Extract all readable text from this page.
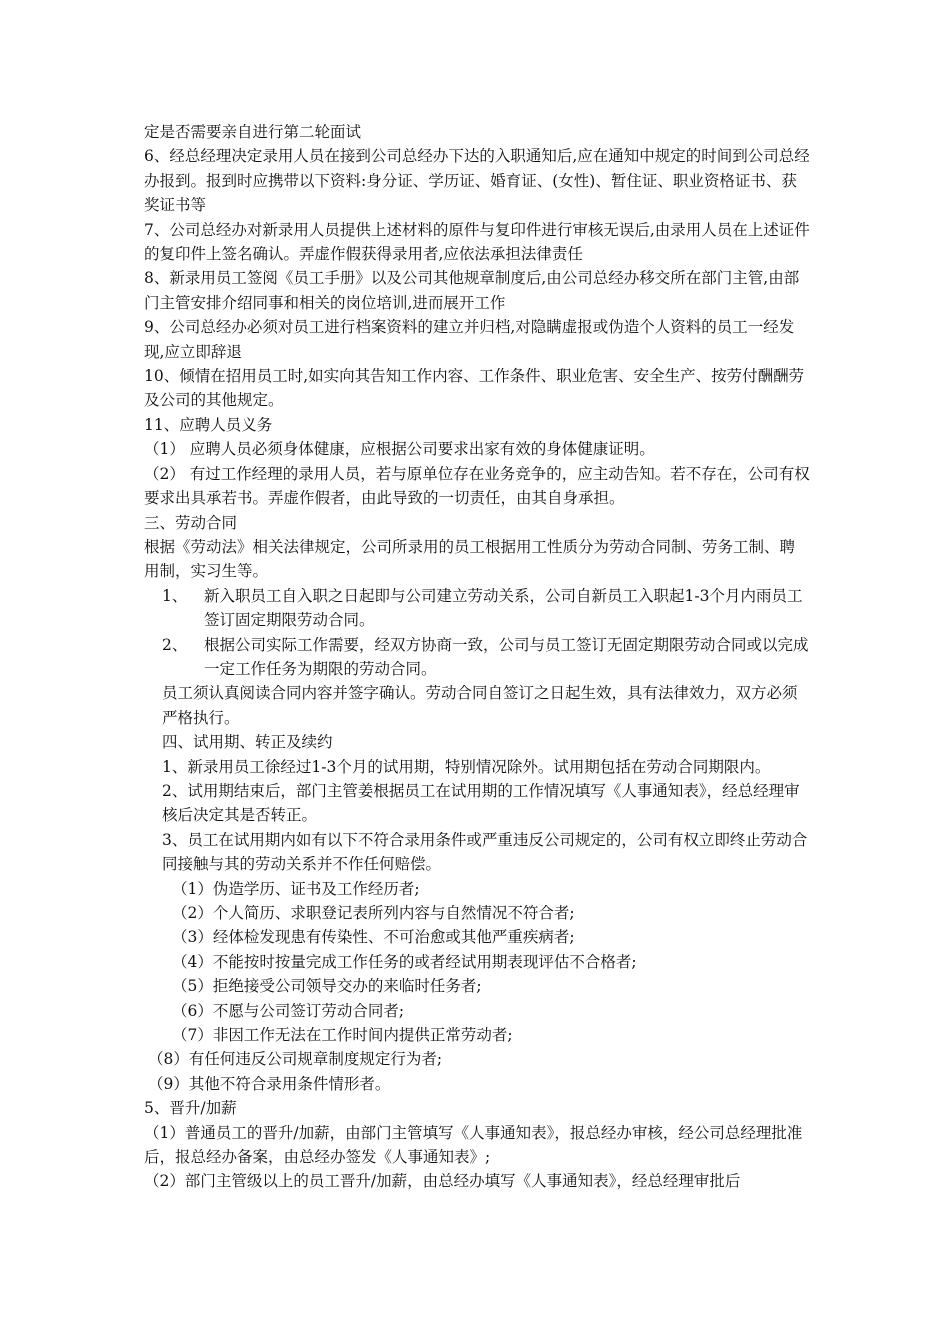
定是否需要亲自进行第二轮面试

6、经总经理决定录用人员在接到公司总经办下达的入职通知后,应在通知中规定的时间到公司总经办报到。报到时应携带以下资料:身分证、学历证、婚育证、(女性)、暂住证、职业资格证书、获奖证书等

7、公司总经办对新录用人员提供上述材料的原件与复印件进行审核无误后,由录用人员在上述证件的复印件上签名确认。弄虚作假获得录用者,应依法承担法律责任

8、新录用员工签阅《员工手册》以及公司其他规章制度后,由公司总经办移交所在部门主管,由部门主管安排介绍同事和相关的岗位培训,进而展开工作

9、公司总经办必须对员工进行档案资料的建立并归档,对隐瞒虚报或伪造个人资料的员工一经发现,应立即辞退

10、倾情在招用员工时,如实向其告知工作内容、工作条件、职业危害、安全生产、按劳付酬酬劳及公司的其他规定。

11、应聘人员义务

（1） 应聘人员必须身体健康，应根据公司要求出家有效的身体健康证明。

（2） 有过工作经理的录用人员，若与原单位存在业务竞争的，应主动告知。若不存在，公司有权要求出具承若书。弄虚作假者，由此导致的一切责任，由其自身承担。

三、劳动合同

根据《劳动法》相关法律规定，公司所录用的员工根据用工性质分为劳动合同制、劳务工制、聘用制，实习生等。

1、	新入职员工自入职之日起即与公司建立劳动关系，公司自新员工入职起1-3个月内雨员工签订固定期限劳动合同。
2、	根据公司实际工作需要，经双方协商一致，公司与员工签订无固定期限劳动合同或以完成一定工作任务为期限的劳动合同。

员工须认真阅读合同内容并签字确认。劳动合同自签订之日起生效，具有法律效力，双方必须严格执行。

四、试用期、转正及续约

1、新录用员工徐经过1-3个月的试用期，特别情况除外。试用期包括在劳动合同期限内。

2、试用期结束后，部门主管姜根据员工在试用期的工作情况填写《人事通知表》，经总经理审核后决定其是否转正。

3、员工在试用期内如有以下不符合录用条件或严重违反公司规定的，公司有权立即终止劳动合同接触与其的劳动关系并不作任何赔偿。

（1）伪造学历、证书及工作经历者;

（2）个人简历、求职登记表所列内容与自然情况不符合者;

（3）经体检发现患有传染性、不可治愈或其他严重疾病者;

（4）不能按时按量完成工作任务的或者经试用期表现评估不合格者;

（5）拒绝接受公司领导交办的来临时任务者;

（6）不愿与公司签订劳动合同者;

（7）非因工作无法在工作时间内提供正常劳动者;

（8）有任何违反公司规章制度规定行为者;

（9）其他不符合录用条件情形者。

5、晋升/加薪

（1）普通员工的晋升/加薪，由部门主管填写《人事通知表》，报总经办审核，经公司总经理批准后，报总经办备案，由总经办签发《人事通知表》;

（2）部门主管级以上的员工晋升/加薪，由总经办填写《人事通知表》，经总经理审批后
